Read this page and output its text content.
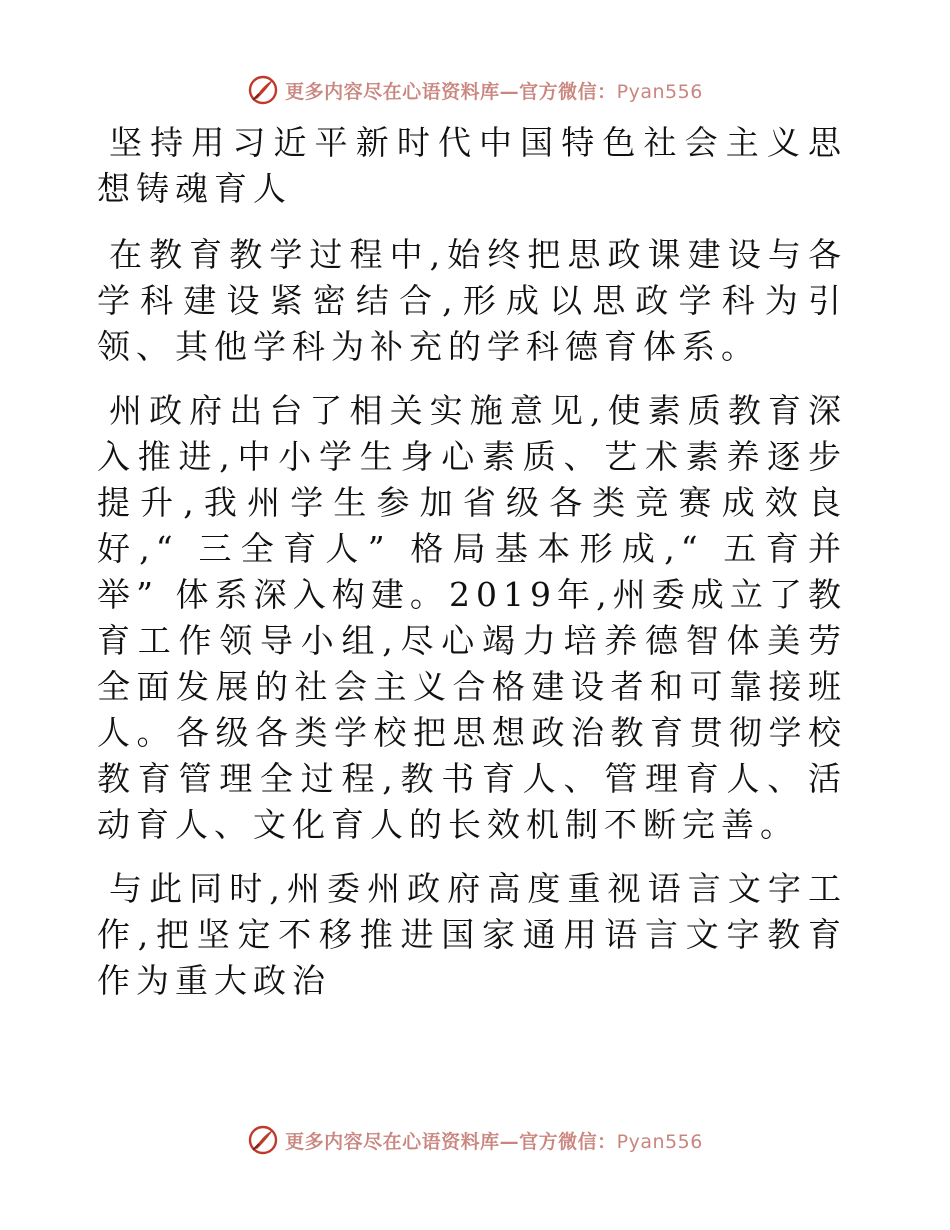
更多内容尽在心语资料库—官方微信：Pyan556

坚持用习近平新时代中国特色社会主义思想铸魂育人

在教育教学过程中,始终把思政课建设与各学科建设紧密结合,形成以思政学科为引领、其他学科为补充的学科德育体系。

州政府出台了相关实施意见,使素质教育深入推进,中小学生身心素质、艺术素养逐步提升,我州学生参加省级各类竞赛成效良好,“ 三全育人” 格局基本形成,“ 五育并举” 体系深入构建。2019年,州委成立了教育工作领导小组,尽心竭力培养德智体美劳全面发展的社会主义合格建设者和可靠接班人。各级各类学校把思想政治教育贯彻学校教育管理全过程,教书育人、管理育人、活动育人、文化育人的长效机制不断完善。

与此同时,州委州政府高度重视语言文字工作,把坚定不移推进国家通用语言文字教育作为重大政治

更多内容尽在心语资料库—官方微信：Pyan556
